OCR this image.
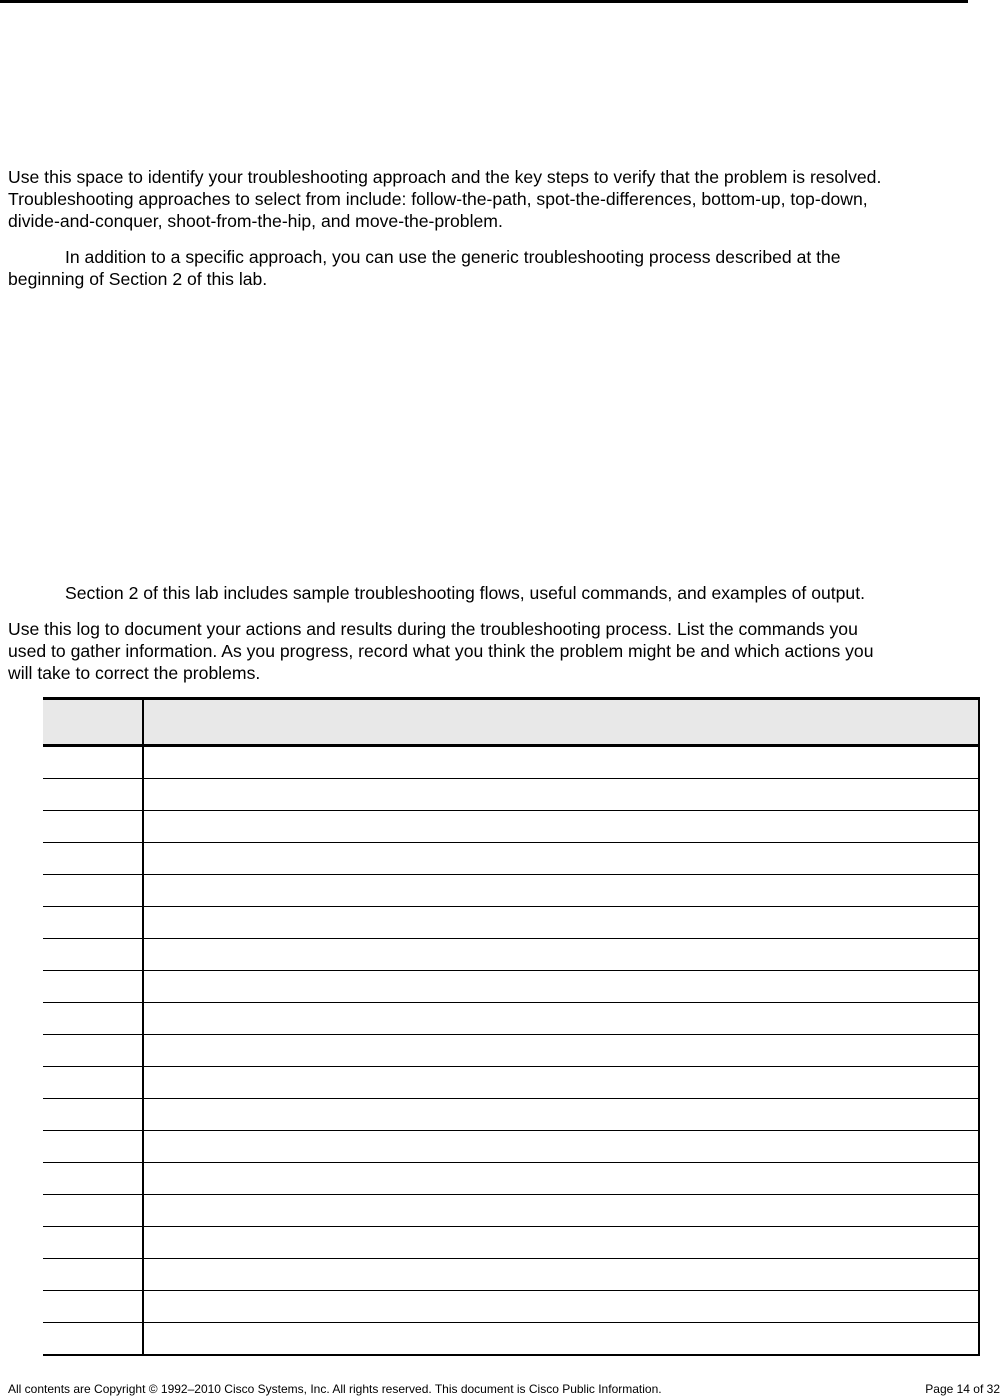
Use this space to identify your troubleshooting approach and the key steps to verify that the problem is resolved.
Troubleshooting approaches to select from include: follow-the-path, spot-the-differences, bottom-up, top-down,
divide-and-conquer, shoot-from-the-hip, and move-the-problem.

In addition to a specific approach, you can use the generic troubleshooting process described at the
beginning of Section 2 of this lab.

Section 2 of this lab includes sample troubleshooting flows, useful commands, and examples of output.

Use this log to document your actions and results during the troubleshooting process. List the commands you
used to gather information. As you progress, record what you think the problem might be and which actions you
will take to correct the problems.

All contents are Copyright © 1992–2010 Cisco Systems, Inc. All rights reserved. This document is Cisco Public Information.	Page 14 of 32
